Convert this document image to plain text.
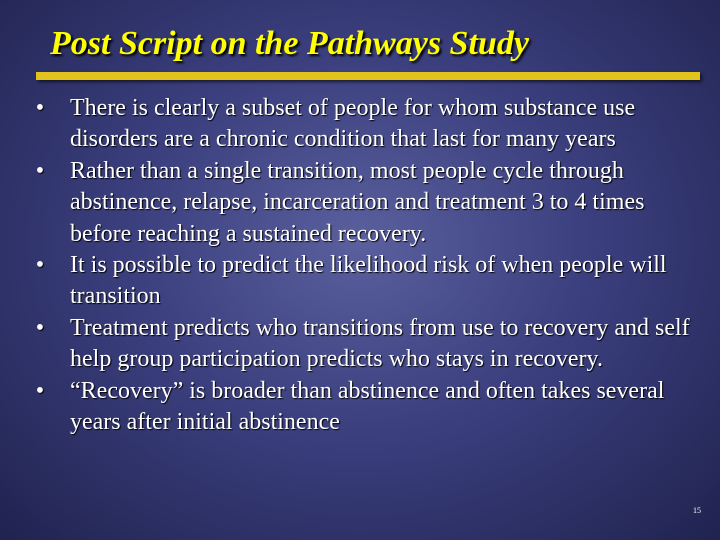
Post Script on the Pathways Study
• There is clearly a subset of people for whom substance use disorders are a chronic condition that last for many years
• Rather than a single transition, most people cycle through abstinence, relapse, incarceration and treatment 3 to 4 times before reaching a sustained recovery.
• It is possible to predict the likelihood risk of when people will transition
• Treatment predicts who transitions from use to recovery and self help group participation predicts who stays in recovery.
• “Recovery” is broader than abstinence and often takes several years after initial abstinence
15
